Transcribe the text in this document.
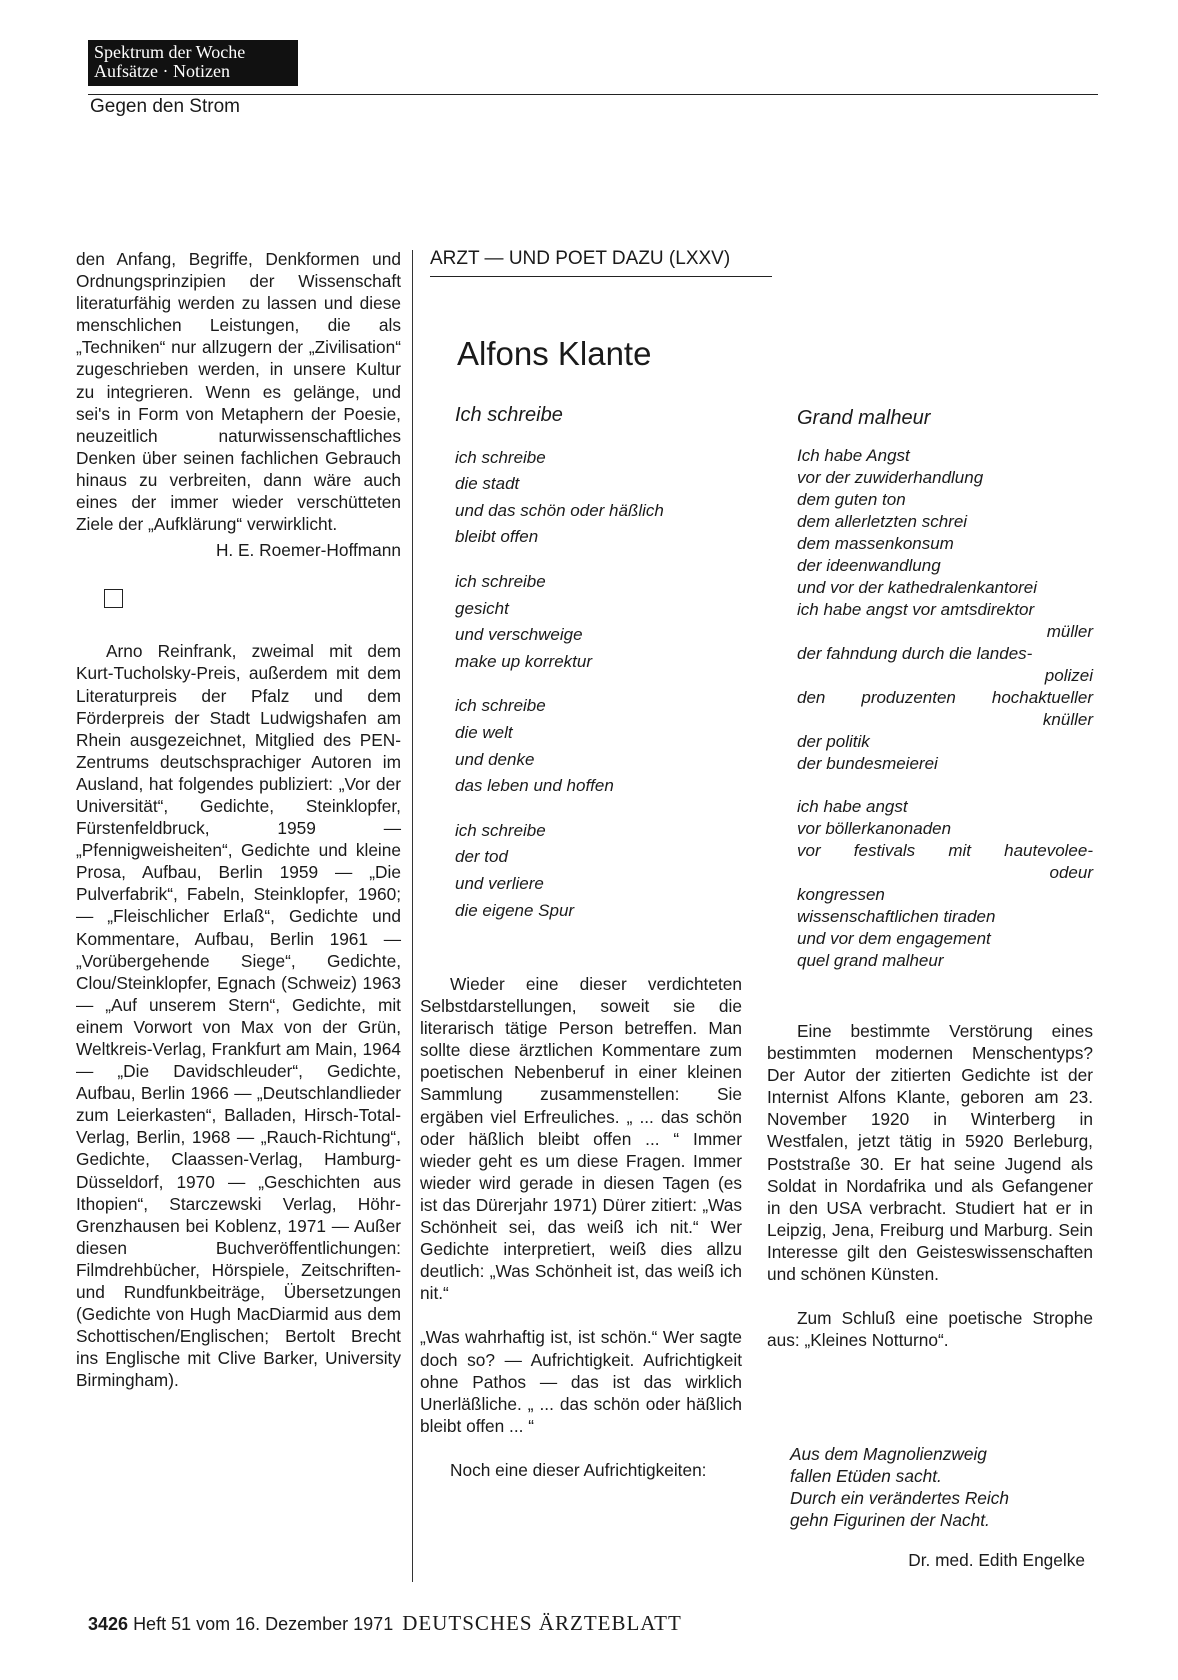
Spektrum der Woche
Aufsätze · Notizen
Gegen den Strom

den Anfang, Begriffe, Denkformen und Ordnungsprinzipien der Wissenschaft literaturfähig werden zu lassen und diese menschlichen Leistungen, die als „Techniken“ nur allzugern der „Zivilisation“ zugeschrieben werden, in unsere Kultur zu integrieren. Wenn es gelänge, und sei's in Form von Metaphern der Poesie, neuzeitlich naturwissenschaftliches Denken über seinen fachlichen Gebrauch hinaus zu verbreiten, dann wäre auch eines der immer wieder verschütteten Ziele der „Aufklärung“ verwirklicht.

H. E. Roemer-Hoffmann

Arno Reinfrank, zweimal mit dem Kurt-Tucholsky-Preis, außerdem mit dem Literaturpreis der Pfalz und dem Förderpreis der Stadt Ludwigshafen am Rhein ausgezeichnet, Mitglied des PEN-Zentrums deutschsprachiger Autoren im Ausland, hat folgendes publiziert: „Vor der Universität“, Gedichte, Steinklopfer, Fürstenfeldbruck, 1959 — „Pfennigweisheiten“, Gedichte und kleine Prosa, Aufbau, Berlin 1959 — „Die Pulverfabrik“, Fabeln, Steinklopfer, 1960; — „Fleischlicher Erlaß“, Gedichte und Kommentare, Aufbau, Berlin 1961 — „Vorübergehende Siege“, Gedichte, Clou/Steinklopfer, Egnach (Schweiz) 1963 — „Auf unserem Stern“, Gedichte, mit einem Vorwort von Max von der Grün, Weltkreis-Verlag, Frankfurt am Main, 1964 — „Die Davidschleuder“, Gedichte, Aufbau, Berlin 1966 — „Deutschlandlieder zum Leierkasten“, Balladen, Hirsch-Total-Verlag, Berlin, 1968 — „Rauch-Richtung“, Gedichte, Claassen-Verlag, Hamburg-Düsseldorf, 1970 — „Geschichten aus Ithopien“, Starczewski Verlag, Höhr-Grenzhausen bei Koblenz, 1971 — Außer diesen Buchveröffentlichungen: Filmdrehbücher, Hörspiele, Zeitschriften- und Rundfunkbeiträge, Übersetzungen (Gedichte von Hugh MacDiarmid aus dem Schottischen/Englischen; Bertolt Brecht ins Englische mit Clive Barker, University Birmingham).

ARZT — UND POET DAZU (LXXV)
Alfons Klante
Ich schreibe
ich schreibe
die stadt
und das schön oder häßlich
bleibt offen
ich schreibe
gesicht
und verschweige
make up korrektur
ich schreibe
die welt
und denke
das leben und hoffen
ich schreibe
der tod
und verliere
die eigene Spur
Grand malheur
Ich habe Angst
vor der zuwiderhandlung
dem guten ton
dem allerletzten schrei
dem massenkonsum
der ideenwandlung
und vor der kathedralenkantorei
ich habe angst vor amtsdirektor
müller
der fahndung durch die landes-
polizei
den produzenten hochaktueller
knüller
der politik
der bundesmeierei
ich habe angst
vor böllerkanonaden
vor festivals mit hautevolee-
odeur
kongressen
wissenschaftlichen tiraden
und vor dem engagement
quel grand malheur

Wieder eine dieser verdichteten Selbstdarstellungen, soweit sie die literarisch tätige Person betreffen. Man sollte diese ärztlichen Kommentare zum poetischen Nebenberuf in einer kleinen Sammlung zusammenstellen: Sie ergäben viel Erfreuliches. „ ... das schön oder häßlich bleibt offen ... “ Immer wieder geht es um diese Fragen. Immer wieder wird gerade in diesen Tagen (es ist das Dürerjahr 1971) Dürer zitiert: „Was Schönheit sei, das weiß ich nit.“ Wer Gedichte interpretiert, weiß dies allzu deutlich: „Was Schönheit ist, das weiß ich nit.“

„Was wahrhaftig ist, ist schön.“ Wer sagte doch so? — Aufrichtigkeit. Aufrichtigkeit ohne Pathos — das ist das wirklich Unerläßliche. „ ... das schön oder häßlich bleibt offen ... “

Noch eine dieser Aufrichtigkeiten:

Eine bestimmte Verstörung eines bestimmten modernen Menschentyps? Der Autor der zitierten Gedichte ist der Internist Alfons Klante, geboren am 23. November 1920 in Winterberg in Westfalen, jetzt tätig in 5920 Berleburg, Poststraße 30. Er hat seine Jugend als Soldat in Nordafrika und als Gefangener in den USA verbracht. Studiert hat er in Leipzig, Jena, Freiburg und Marburg. Sein Interesse gilt den Geisteswissenschaften und schönen Künsten.

Zum Schluß eine poetische Strophe aus: „Kleines Notturno“.

Aus dem Magnolienzweig
fallen Etüden sacht.
Durch ein verändertes Reich
gehn Figurinen der Nacht.
Dr. med. Edith Engelke
3426 Heft 51 vom 16. Dezember 1971 DEUTSCHES ÄRZTEBLATT
